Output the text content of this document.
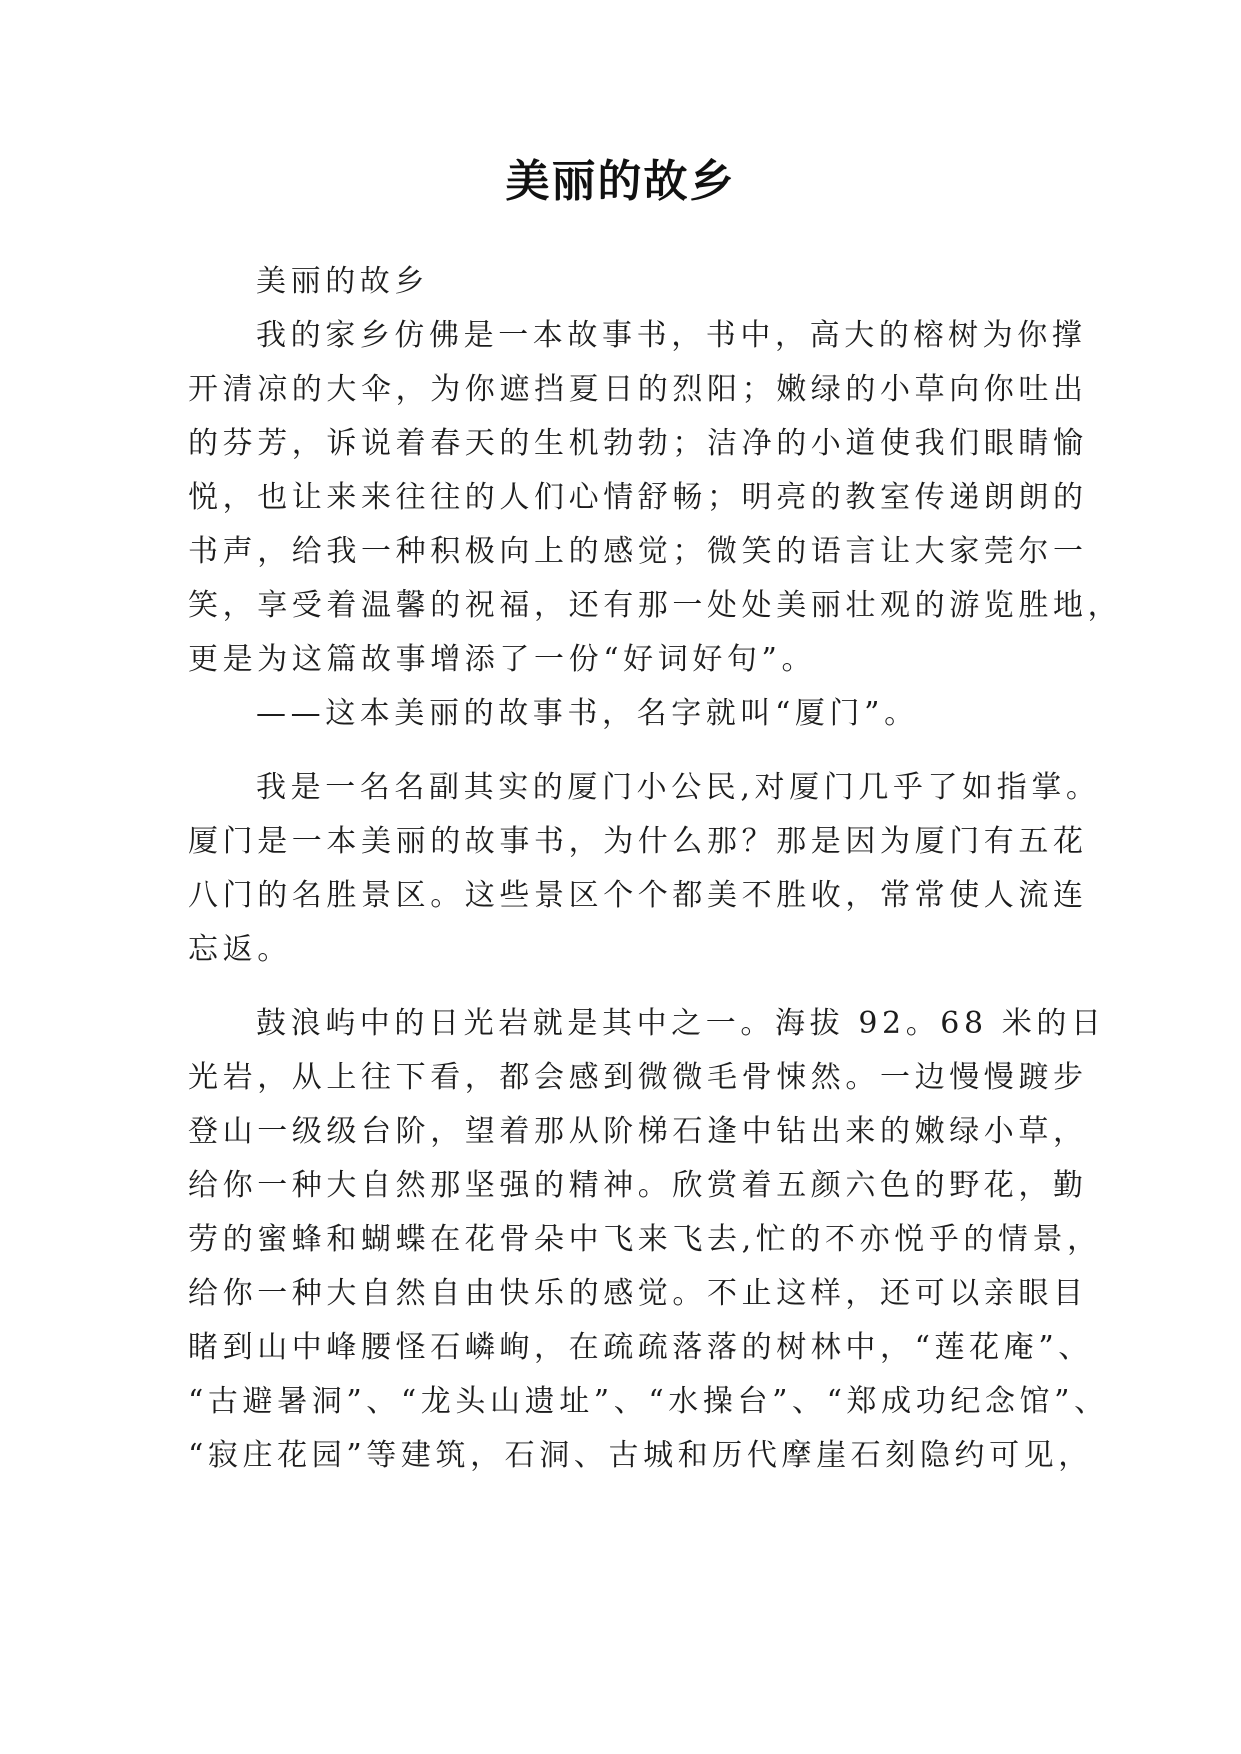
美丽的故乡
美丽的故乡
我的家乡仿佛是一本故事书，书中，高大的榕树为你撑
开清凉的大伞，为你遮挡夏日的烈阳；嫩绿的小草向你吐出
的芬芳，诉说着春天的生机勃勃；洁净的小道使我们眼睛愉
悦，也让来来往往的人们心情舒畅；明亮的教室传递朗朗的
书声，给我一种积极向上的感觉；微笑的语言让大家莞尔一
笑，享受着温馨的祝福，还有那一处处美丽壮观的游览胜地，
更是为这篇故事增添了一份“好词好句”。
——这本美丽的故事书，名字就叫“厦门”。
我是一名名副其实的厦门小公民,对厦门几乎了如指掌。
厦门是一本美丽的故事书，为什么那？那是因为厦门有五花
八门的名胜景区。这些景区个个都美不胜收，常常使人流连
忘返。
鼓浪屿中的日光岩就是其中之一。海拔 92。68 米的日
光岩，从上往下看，都会感到微微毛骨悚然。一边慢慢踱步
登山一级级台阶，望着那从阶梯石逢中钻出来的嫩绿小草，
给你一种大自然那坚强的精神。欣赏着五颜六色的野花，勤
劳的蜜蜂和蝴蝶在花骨朵中飞来飞去,忙的不亦悦乎的情景，
给你一种大自然自由快乐的感觉。不止这样，还可以亲眼目
睹到山中峰腰怪石嶙峋，在疏疏落落的树林中，“莲花庵”、
“古避暑洞”、“龙头山遗址”、“水操台”、“郑成功纪念馆”、
“寂庄花园”等建筑，石洞、古城和历代摩崖石刻隐约可见，
